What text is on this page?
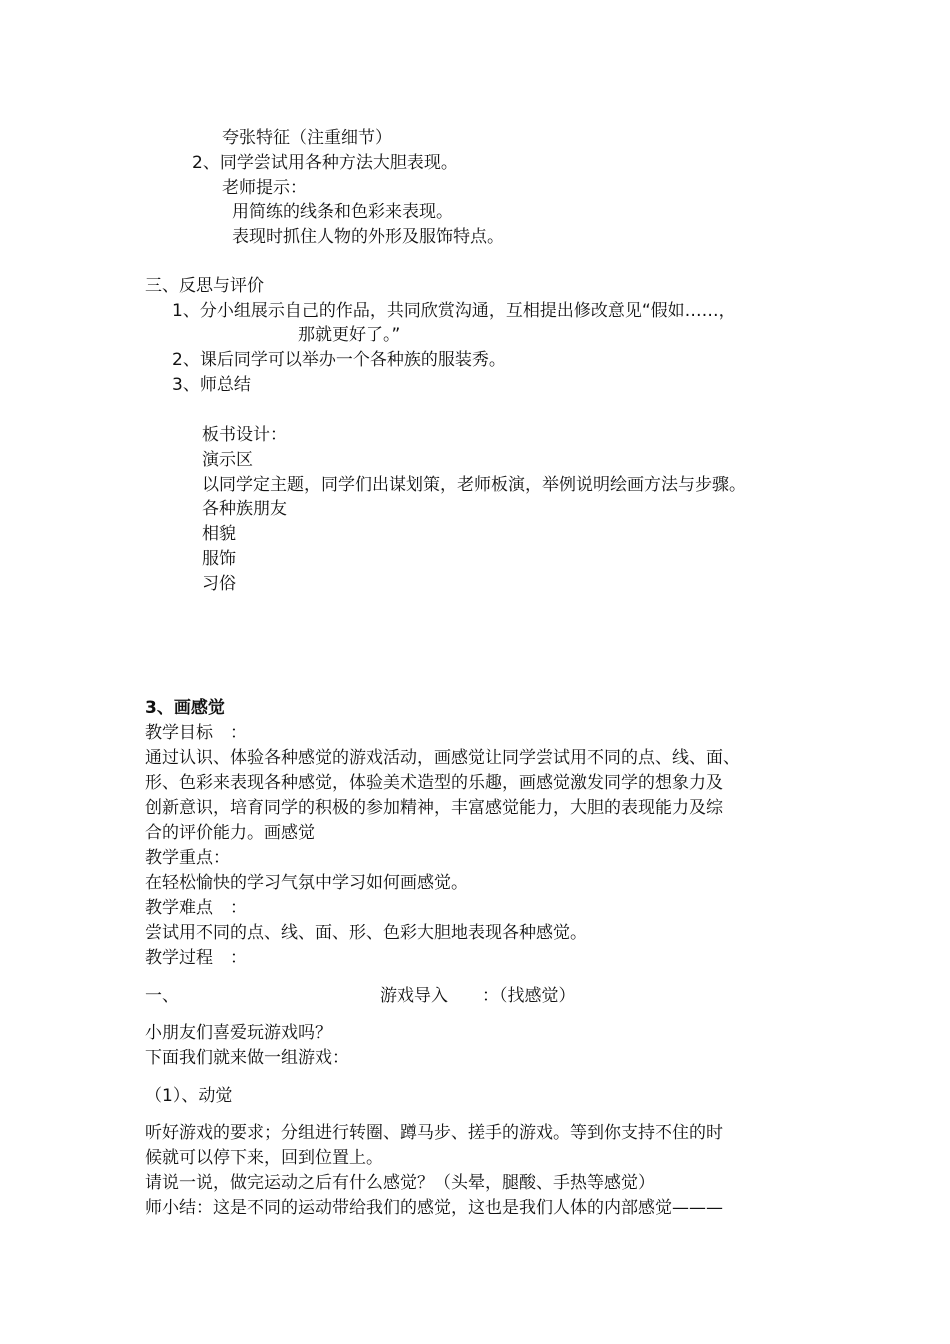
夸张特征（注重细节）
2、同学尝试用各种方法大胆表现。
老师提示：
用简练的线条和色彩来表现。
表现时抓住人物的外形及服饰特点。
三、反思与评价
1、分小组展示自己的作品，共同欣赏沟通，互相提出修改意见“假如……，
那就更好了。”
2、课后同学可以举办一个各种族的服装秀。
3、师总结
板书设计：
演示区
以同学定主题，同学们出谋划策，老师板演，举例说明绘画方法与步骤。
各种族朋友
相貌
服饰
习俗
3、画感觉
教学目标　：
通过认识、体验各种感觉的游戏活动，画感觉让同学尝试用不同的点、线、面、
形、色彩来表现各种感觉，体验美术造型的乐趣，画感觉激发同学的想象力及
创新意识，培育同学的积极的参加精神，丰富感觉能力，大胆的表现能力及综
合的评价能力。画感觉
教学重点：
在轻松愉快的学习气氛中学习如何画感觉。
教学难点　：
尝试用不同的点、线、面、形、色彩大胆地表现各种感觉。
教学过程　：
一、	游戏导入　　：（找感觉）
小朋友们喜爱玩游戏吗？
下面我们就来做一组游戏：
（1）、动觉
听好游戏的要求；分组进行转圈、蹲马步、搓手的游戏。等到你支持不住的时
候就可以停下来，回到位置上。
请说一说，做完运动之后有什么感觉？（头晕，腿酸、手热等感觉）
师小结：这是不同的运动带给我们的感觉，这也是我们人体的内部感觉———
